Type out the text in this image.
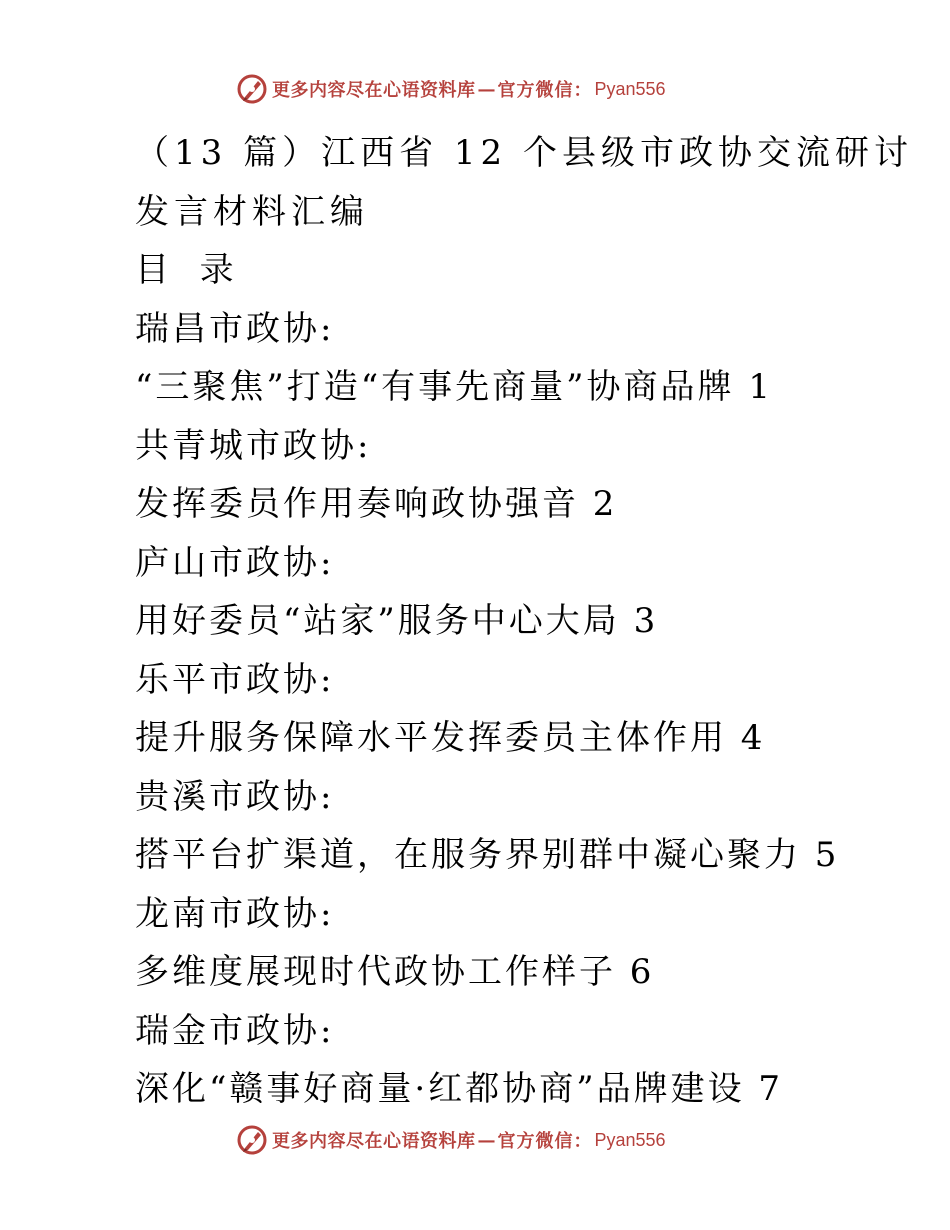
更多内容尽在心语资料库 — 官方微信： Pyan556
（13 篇）江西省 12 个县级市政协交流研讨
发言材料汇编
目  录
瑞昌市政协:
“三聚焦”打造“有事先商量”协商品牌 1
共青城市政协:
发挥委员作用奏响政协强音 2
庐山市政协:
用好委员“站家”服务中心大局 3
乐平市政协:
提升服务保障水平发挥委员主体作用 4
贵溪市政协:
搭平台扩渠道，在服务界别群中凝心聚力 5
龙南市政协:
多维度展现时代政协工作样子 6
瑞金市政协:
深化“赣事好商量·红都协商”品牌建设 7
更多内容尽在心语资料库 — 官方微信： Pyan556
